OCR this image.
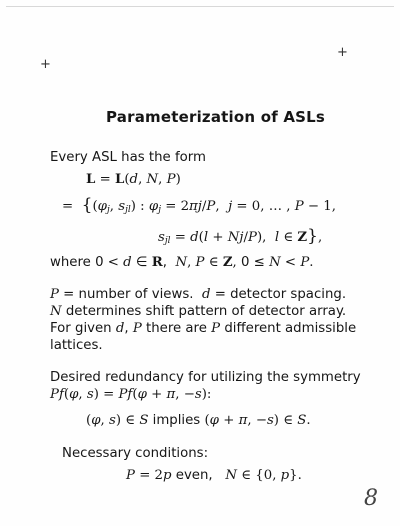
+
+
Parameterization of ASLs
Every ASL has the form
L = L(d, N, P)
= {($\varphi_j$, $s_{jl}$) : $\varphi_j = 2\pi j/P$, j = 0, … , P − 1,
$s_{jl} = d(l + Nj/P)$, l ∈ Z},
where 0 < d ∈ R,  N, P ∈ Z, 0 ≤ N < P.
P = number of views.  d = detector spacing.
N determines shift pattern of detector array.
For given d, P there are P different admissible
lattices.
Desired redundancy for utilizing the symmetry
Pf(φ, s) = Pf(φ + π, −s):
(φ, s) ∈ S implies (φ + π, −s) ∈ S.
Necessary conditions:
P = 2p even,   N ∈ {0, p}.
8
